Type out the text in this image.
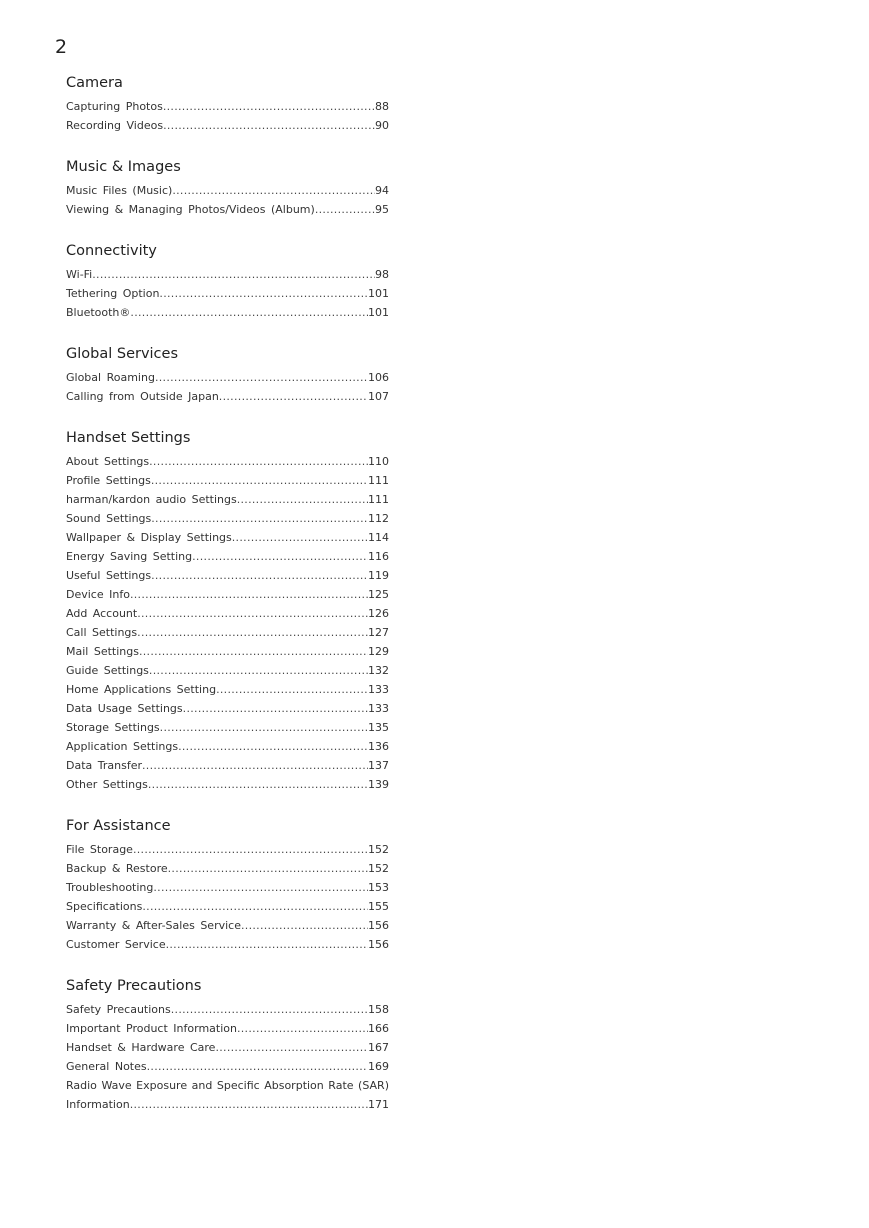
2
Camera
Capturing Photos .....	88
Recording Videos .....	90
Music & Images
Music Files (Music) .....	94
Viewing & Managing Photos/Videos (Album) .....	95
Connectivity
Wi-Fi .....	98
Tethering Option .....	101
Bluetooth® .....	101
Global Services
Global Roaming .....	106
Calling from Outside Japan .....	107
Handset Settings
About Settings .....	110
Profile Settings .....	111
harman/kardon audio Settings .....	111
Sound Settings .....	112
Wallpaper & Display Settings .....	114
Energy Saving Setting .....	116
Useful Settings .....	119
Device Info .....	125
Add Account .....	126
Call Settings .....	127
Mail Settings .....	129
Guide Settings .....	132
Home Applications Setting .....	133
Data Usage Settings .....	133
Storage Settings .....	135
Application Settings .....	136
Data Transfer .....	137
Other Settings .....	139
For Assistance
File Storage .....	152
Backup & Restore .....	152
Troubleshooting .....	153
Specifications .....	155
Warranty & After-Sales Service .....	156
Customer Service .....	156
Safety Precautions
Safety Precautions .....	158
Important Product Information .....	166
Handset & Hardware Care .....	167
General Notes .....	169
Radio Wave Exposure and Specific Absorption Rate (SAR)
Information .....	171
